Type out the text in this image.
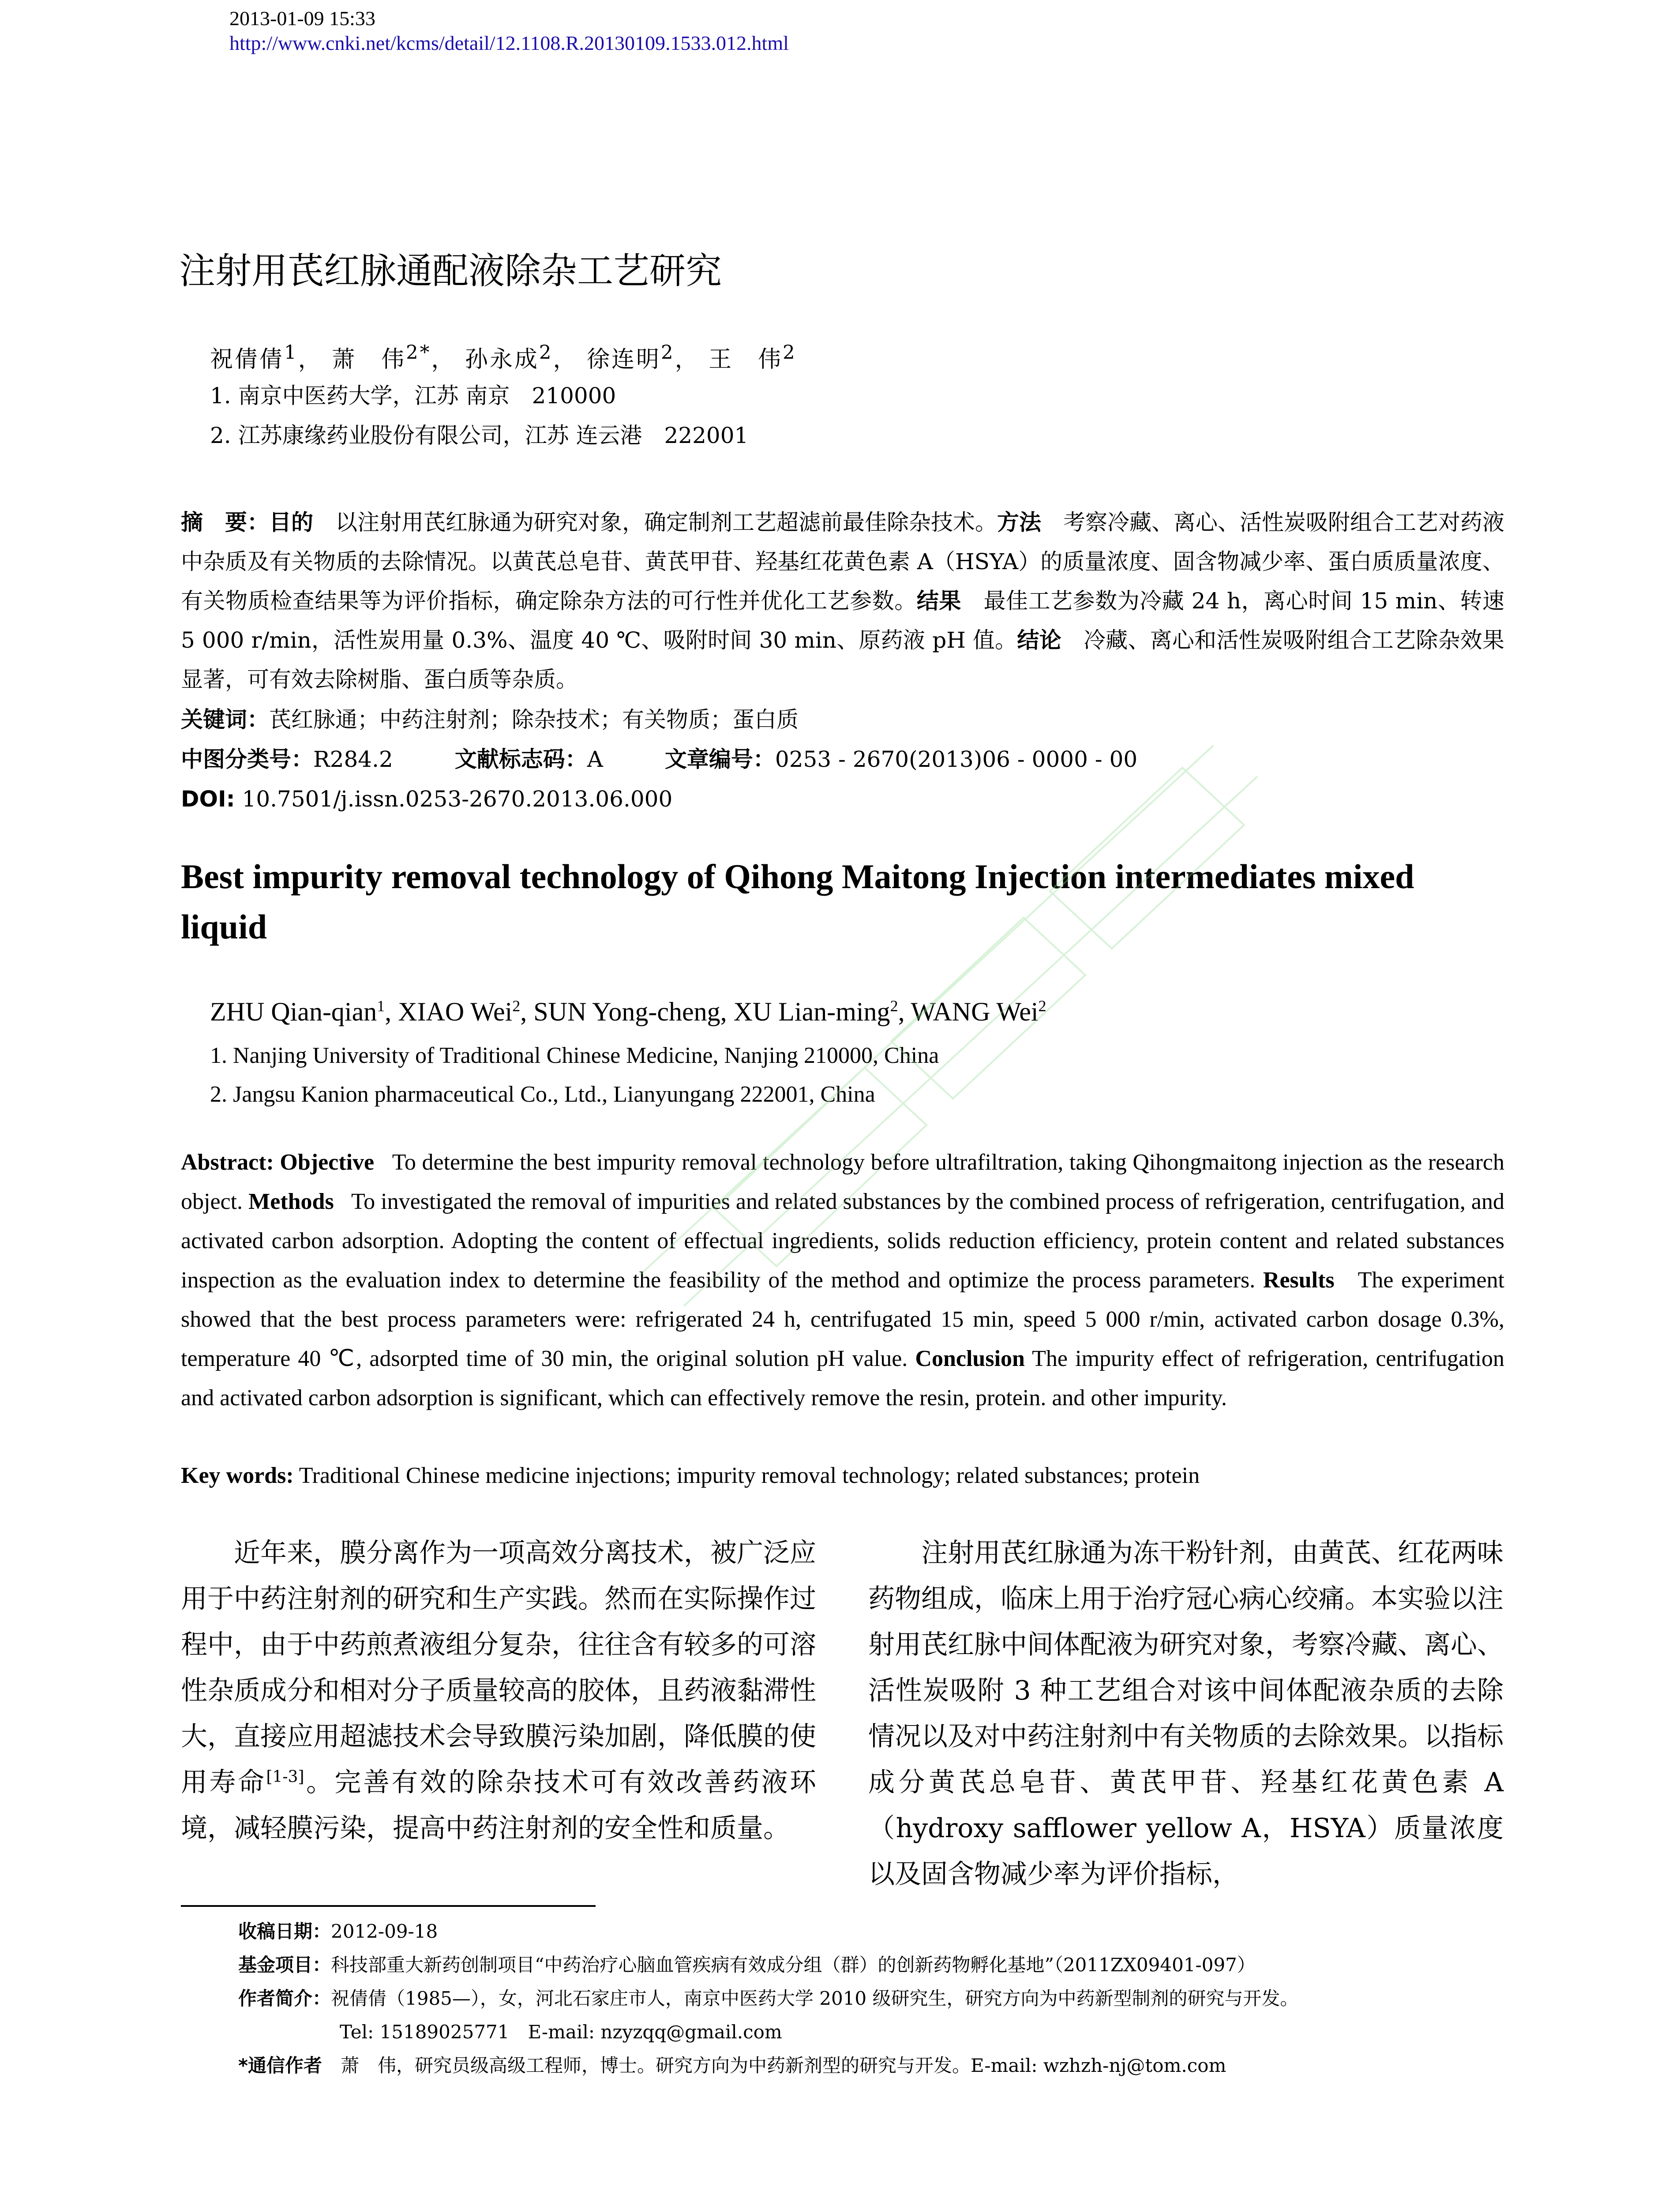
2013-01-09 15:33
http://www.cnki.net/kcms/detail/12.1108.R.20130109.1533.012.html
注射用芪红脉通配液除杂工艺研究
祝倩倩$^1$， 萧　伟$^{2*}$， 孙永成$^2$， 徐连明$^2$， 王　伟$^2$
1. 南京中医药大学，江苏 南京　210000
2. 江苏康缘药业股份有限公司，江苏 连云港　222001
摘　要：目的　 以注射用芪红脉通为研究对象，确定制剂工艺超滤前最佳除杂技术。方法　 考察冷藏、离心、活性炭吸附组合工艺对药液中杂质及有关物质的去除情况。以黄芪总皂苷、黄芪甲苷、羟基红花黄色素 A（HSYA）的质量浓度、固含物减少率、蛋白质质量浓度、有关物质检查结果等为评价指标，确定除杂方法的可行性并优化工艺参数。结果　 最佳工艺参数为冷藏 24 h，离心时间 15 min、转速 5 000 r/min，活性炭用量 0.3%、温度 40 ℃、吸附时间 30 min、原药液 pH 值。结论　 冷藏、离心和活性炭吸附组合工艺除杂效果显著，可有效去除树脂、蛋白质等杂质。
关键词：芪红脉通；中药注射剂；除杂技术；有关物质；蛋白质
中图分类号：R284.2	文献标志码：A	文章编号：0253 - 2670(2013)06 - 0000 - 00
DOI: 10.7501/j.issn.0253-2670.2013.06.000
Best impurity removal technology of Qihong Maitong Injection intermediates mixed liquid
ZHU Qian-qian$^1$, XIAO Wei$^2$, SUN Yong-cheng, XU Lian-ming$^2$, WANG Wei$^2$
1. Nanjing University of Traditional Chinese Medicine, Nanjing 210000, China
2. Jangsu Kanion pharmaceutical Co., Ltd., Lianyungang 222001, China
Abstract: Objective To determine the best impurity removal technology before ultrafiltration, taking Qihongmaitong injection as the research object. Methods To investigated the removal of impurities and related substances by the combined process of refrigeration, centrifugation, and activated carbon adsorption. Adopting the content of effectual ingredients, solids reduction efficiency, protein content and related substances inspection as the evaluation index to determine the feasibility of the method and optimize the process parameters. Results The experiment showed that the best process parameters were: refrigerated 24 h, centrifugated 15 min, speed 5 000 r/min, activated carbon dosage 0.3%, temperature 40 ℃, adsorpted time of 30 min, the original solution pH value. Conclusion The impurity effect of refrigeration, centrifugation and activated carbon adsorption is significant, which can effectively remove the resin, protein. and other impurity.
Key words: Traditional Chinese medicine injections; impurity removal technology; related substances; protein

近年来，膜分离作为一项高效分离技术，被广泛应用于中药注射剂的研究和生产实践。然而在实际操作过程中，由于中药煎煮液组分复杂，往往含有较多的可溶性杂质成分和相对分子质量较高的胶体，且药液黏滞性大，直接应用超滤技术会导致膜污染加剧，降低膜的使用寿命[1-3]。完善有效的除杂技术可有效改善药液环境，减轻膜污染，提高中药注射剂的安全性和质量。

注射用芪红脉通为冻干粉针剂，由黄芪、红花两味药物组成，临床上用于治疗冠心病心绞痛。本实验以注射用芪红脉中间体配液为研究对象，考察冷藏、离心、活性炭吸附 3 种工艺组合对该中间体配液杂质的去除情况以及对中药注射剂中有关物质的去除效果。以指标成分黄芪总皂苷、黄芪甲苷、羟基红花黄色素 A（hydroxy safflower yellow A，HSYA）质量浓度以及固含物减少率为评价指标，

收稿日期：2012-09-18
基金项目：科技部重大新药创制项目“中药治疗心脑血管疾病有效成分组（群）的创新药物孵化基地”（2011ZX09401-097）
作者简介：祝倩倩（1985—），女，河北石家庄市人，南京中医药大学 2010 级研究生，研究方向为中药新型制剂的研究与开发。
Tel: 15189025771　E-mail: nzyzqq@gmail.com
*通信作者　 萧　伟，研究员级高级工程师，博士。研究方向为中药新剂型的研究与开发。E-mail: wzhzh-nj@tom.com
